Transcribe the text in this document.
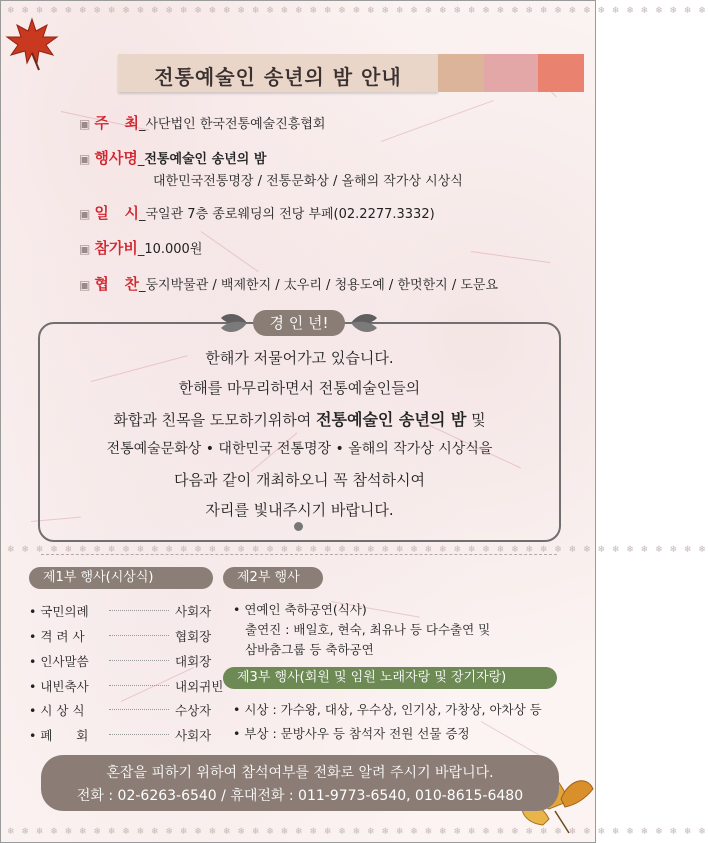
❄ ❄ ❄ ❄ ❄ ❄ ❄ ❄ ❄ ❄ ❄ ❄ ❄ ❄ ❄ ❄ ❄ ❄ ❄ ❄ ❄ ❄ ❄ ❄ ❄ ❄ ❄ ❄ ❄ ❄ ❄ ❄ ❄ ❄ ❄ ❄ ❄ ❄ ❄ ❄ ❄ ❄ ❄ ❄ ❄ ❄ ❄ ❄ ❄
❄ ❄ ❄ ❄ ❄ ❄ ❄ ❄ ❄ ❄ ❄ ❄ ❄ ❄ ❄ ❄ ❄ ❄ ❄ ❄ ❄ ❄ ❄ ❄ ❄ ❄ ❄ ❄ ❄ ❄ ❄ ❄ ❄ ❄ ❄ ❄ ❄ ❄ ❄ ❄ ❄ ❄ ❄ ❄ ❄ ❄ ❄ ❄ ❄
❄ ❄ ❄ ❄ ❄ ❄ ❄ ❄ ❄ ❄ ❄ ❄ ❄ ❄ ❄ ❄ ❄ ❄ ❄ ❄ ❄ ❄ ❄ ❄ ❄ ❄ ❄ ❄ ❄ ❄ ❄ ❄ ❄ ❄ ❄ ❄ ❄ ❄ ❄ ❄ ❄ ❄ ❄ ❄ ❄ ❄ ❄ ❄ ❄
전통예술인 송년의 밤 안내
▣ 주   최_사단법인 한국전통예술진흥협회
▣ 행사명_전통예술인 송년의 밤
대한민국전통명장 / 전통문화상 / 올해의 작가상 시상식
▣ 일   시_국일관 7층 종로웨딩의 전당 부페(02.2277.3332)
▣ 참가비_10.000원
▣ 협   찬_둥지박물관 / 백제한지 / 太우리 / 청용도예 / 한멋한지 / 도문요
경 인 년!
한해가 저물어가고 있습니다.
한해를 마무리하면서 전통예술인들의
화합과 친목을 도모하기위하여 전통예술인 송년의 밤 및
전통예술문화상 • 대한민국 전통명장 • 올해의 작가상 시상식을
다음과 같이 개최하오니 꼭 참석하시여
자리를 빛내주시기 바랍니다.
제1부 행사(시상식)
• 국민의례	사회자
• 격 려 사	협회장
• 인사말씀	대회장
• 내빈축사	내외귀빈
• 시 상 식	수상자
• 폐      회	사회자
제2부 행사
• 연예인 축하공연(식사)
출연진 : 배일호, 현숙, 최유나 등 다수출연 및
삼바춤그룹 등 축하공연
제3부 행사(회원 및 임원 노래자랑 및 장기자랑)
• 시상 : 가수왕, 대상, 우수상, 인기상, 가창상, 아차상 등
• 부상 : 문방사우 등 참석자 전원 선물 증정
혼잡을 피하기 위하여 참석여부를 전화로 알려 주시기 바랍니다.
전화 : 02-6263-6540 / 휴대전화 : 011-9773-6540, 010-8615-6480
